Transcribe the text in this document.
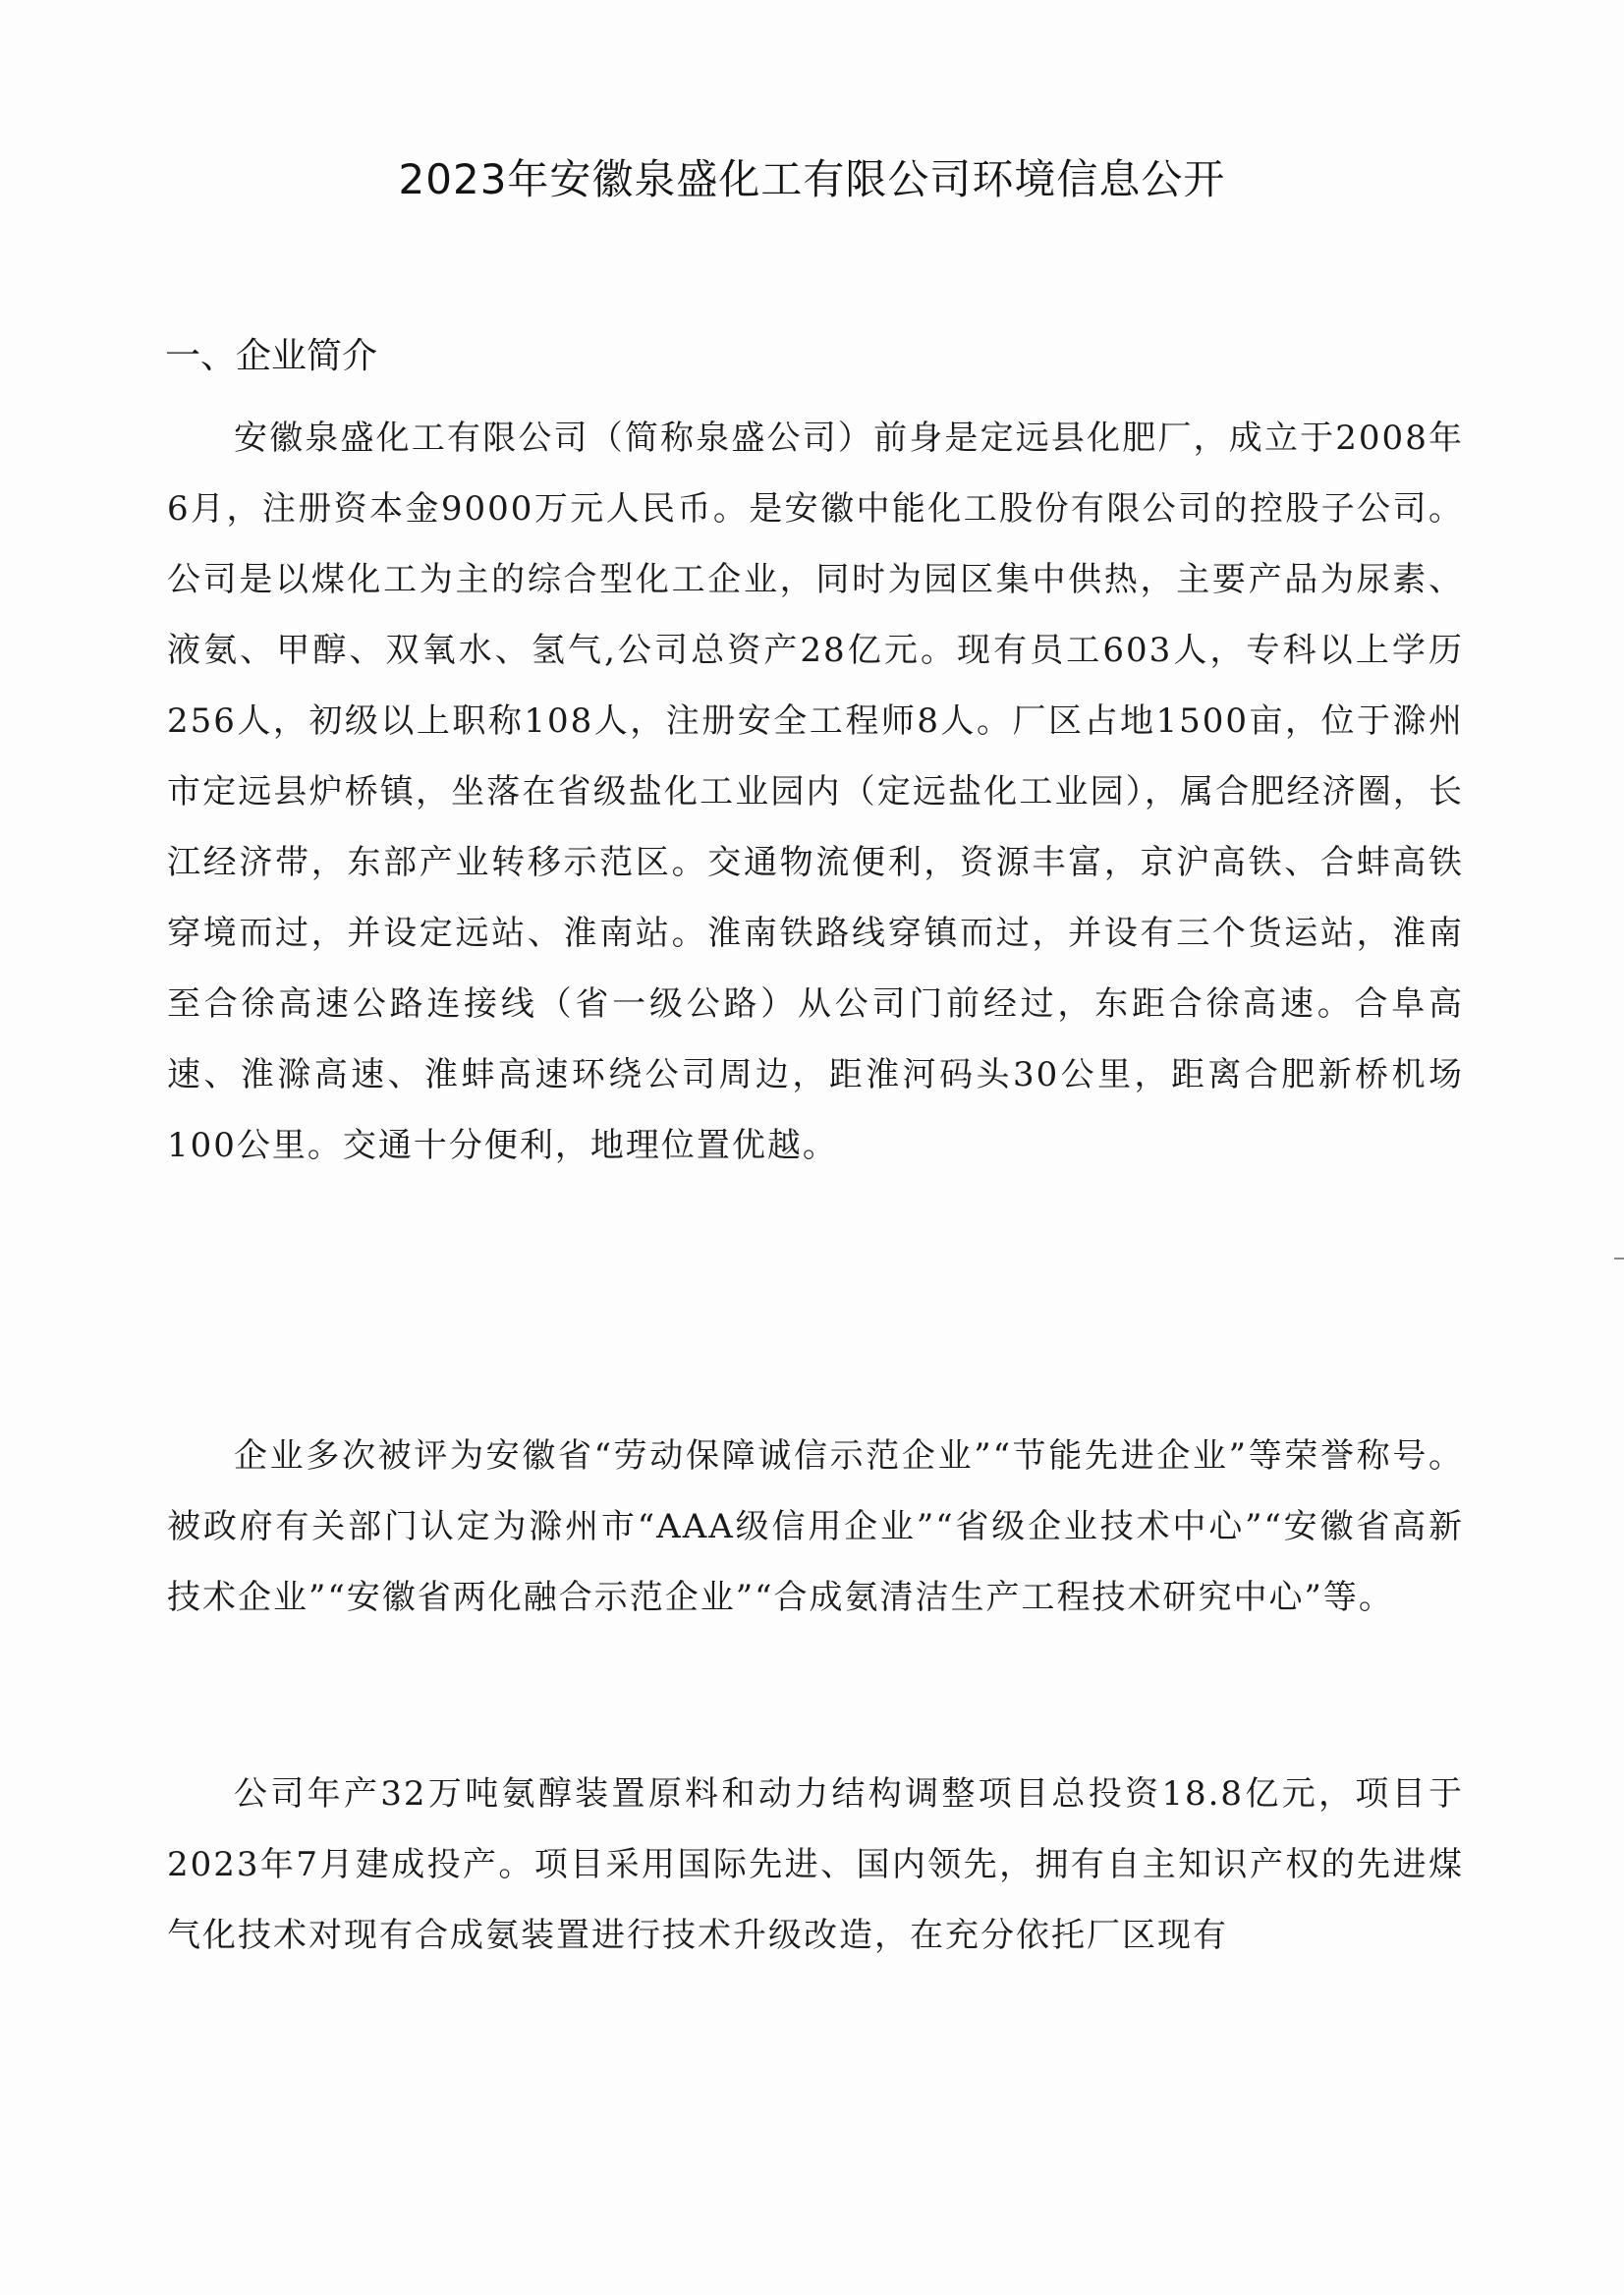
2023年安徽泉盛化工有限公司环境信息公开
一、企业简介

安徽泉盛化工有限公司（简称泉盛公司）前身是定远县化肥厂，成立于2008年6月，注册资本金9000万元人民币。是安徽中能化工股份有限公司的控股子公司。公司是以煤化工为主的综合型化工企业，同时为园区集中供热，主要产品为尿素、液氨、甲醇、双氧水、氢气,公司总资产28亿元。现有员工603人，专科以上学历256人，初级以上职称108人，注册安全工程师8人。厂区占地1500亩，位于滁州市定远县炉桥镇，坐落在省级盐化工业园内（定远盐化工业园），属合肥经济圈，长江经济带，东部产业转移示范区。交通物流便利，资源丰富，京沪高铁、合蚌高铁穿境而过，并设定远站、淮南站。淮南铁路线穿镇而过，并设有三个货运站，淮南至合徐高速公路连接线（省一级公路）从公司门前经过，东距合徐高速。合阜高速、淮滁高速、淮蚌高速环绕公司周边，距淮河码头30公里，距离合肥新桥机场100公里。交通十分便利，地理位置优越。

企业多次被评为安徽省“劳动保障诚信示范企业”“节能先进企业”等荣誉称号。被政府有关部门认定为滁州市“AAA级信用企业”“省级企业技术中心”“安徽省高新技术企业”“安徽省两化融合示范企业”“合成氨清洁生产工程技术研究中心”等。

公司年产32万吨氨醇装置原料和动力结构调整项目总投资18.8亿元，项目于2023年7月建成投产。项目采用国际先进、国内领先，拥有自主知识产权的先进煤气化技术对现有合成氨装置进行技术升级改造，在充分依托厂区现有
